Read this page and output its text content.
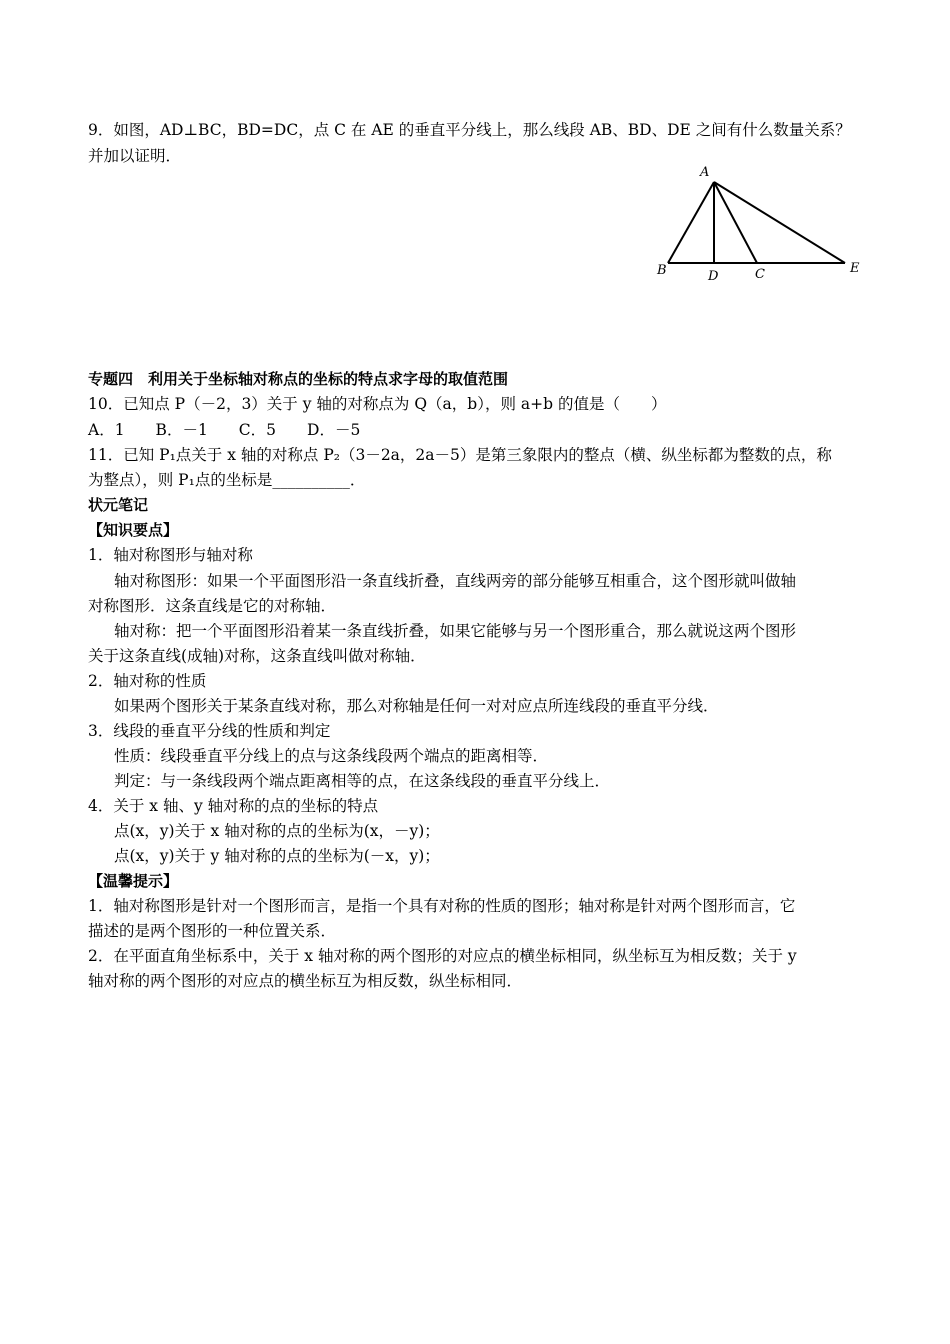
9．如图，AD⊥BC，BD=DC，点 C 在 AE 的垂直平分线上，那么线段 AB、BD、DE 之间有什么数量关系？
并加以证明．
专题四　利用关于坐标轴对称点的坐标的特点求字母的取值范围
10．已知点 P（－2，3）关于 y 轴的对称点为 Q（a，b），则 a+b 的值是（　　）
A．1　　B．－1　　C．5　　D．－5
11．已知 P₁点关于 x 轴的对称点 P₂（3－2a，2a－5）是第三象限内的整点（横、纵坐标都为整数的点，称
为整点），则 P₁点的坐标是__________．
状元笔记
【知识要点】
1．轴对称图形与轴对称
轴对称图形：如果一个平面图形沿一条直线折叠，直线两旁的部分能够互相重合，这个图形就叫做轴
对称图形．这条直线是它的对称轴．
轴对称：把一个平面图形沿着某一条直线折叠，如果它能够与另一个图形重合，那么就说这两个图形
关于这条直线(成轴)对称，这条直线叫做对称轴．
2．轴对称的性质
如果两个图形关于某条直线对称，那么对称轴是任何一对对应点所连线段的垂直平分线．
3．线段的垂直平分线的性质和判定
性质：线段垂直平分线上的点与这条线段两个端点的距离相等．
判定：与一条线段两个端点距离相等的点，在这条线段的垂直平分线上．
4．关于 x 轴、y 轴对称的点的坐标的特点
点(x，y)关于 x 轴对称的点的坐标为(x，－y)；
点(x，y)关于 y 轴对称的点的坐标为(－x，y)；
【温馨提示】
1．轴对称图形是针对一个图形而言，是指一个具有对称的性质的图形；轴对称是针对两个图形而言，它
描述的是两个图形的一种位置关系．
2．在平面直角坐标系中，关于 x 轴对称的两个图形的对应点的横坐标相同，纵坐标互为相反数；关于 y
轴对称的两个图形的对应点的横坐标互为相反数，纵坐标相同．
A
B	D	C	E
